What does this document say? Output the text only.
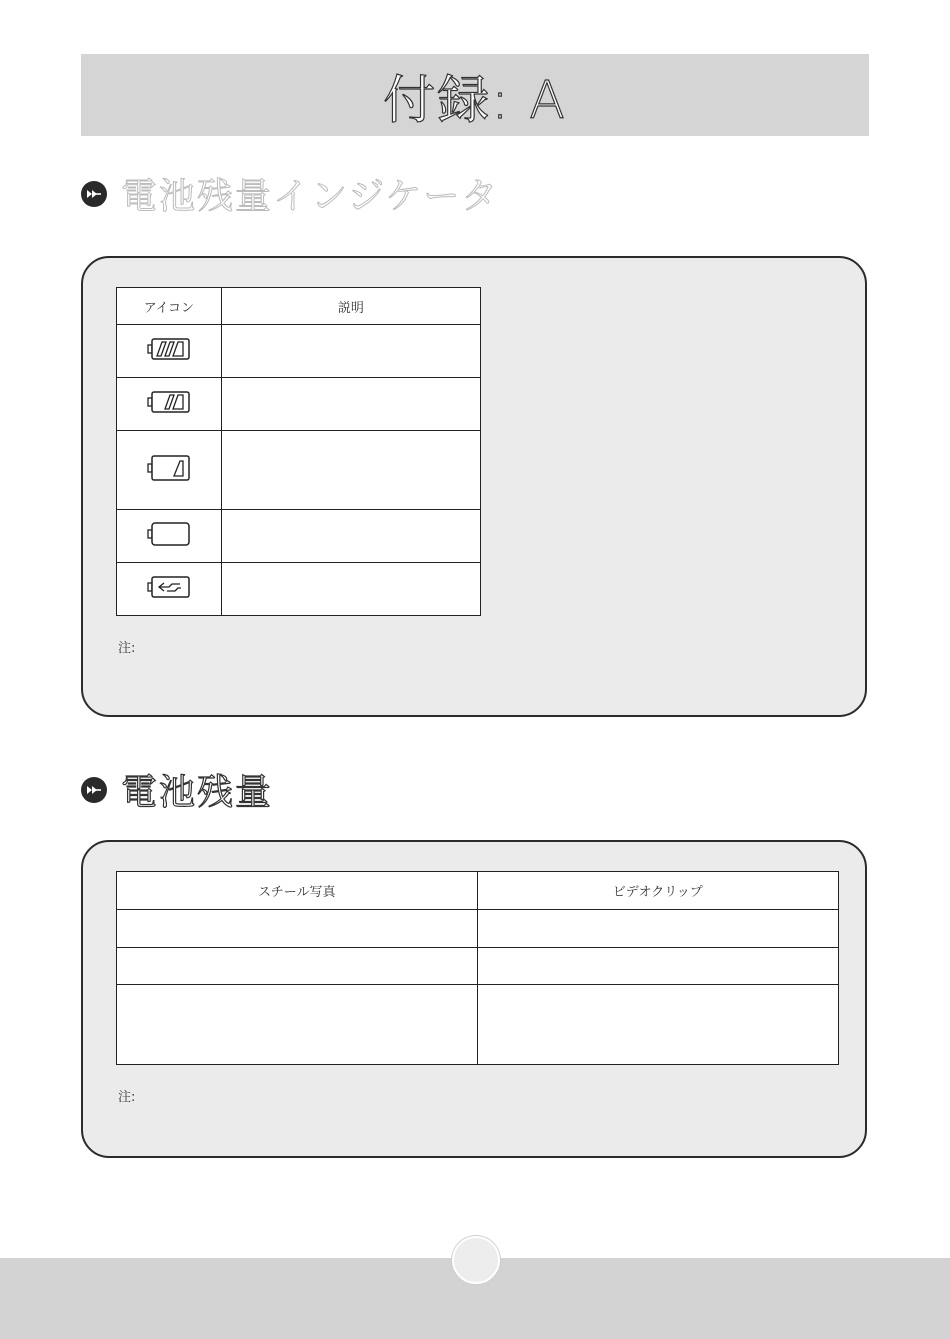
付録: A
電池残量インジケータ
アイコン	説明

注:
電池残量
スチール写真	ビデオクリップ

注:
